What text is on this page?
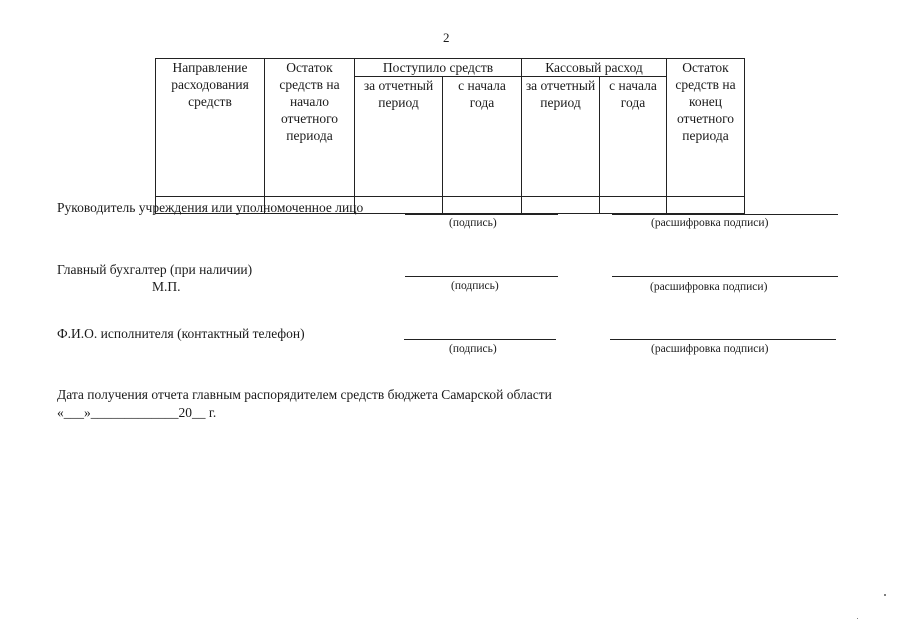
2
Направление расходования средств	Остаток средств на начало отчетного периода	Поступило средств		Кассовый расход		Остаток средств на конец отчетного периода
		за отчетный период	с начала года	за отчетный период	с начала года	

Руководитель учреждения или уполномоченное лицо
(подпись)	(расшифровка подписи)
Главный бухгалтер (при наличии)
М.П.	(подпись)	(расшифровка подписи)
Ф.И.О. исполнителя (контактный телефон)
(подпись)	(расшифровка подписи)
Дата получения отчета главным распорядителем средств бюджета Самарской области
«___»_____________20__ г.
